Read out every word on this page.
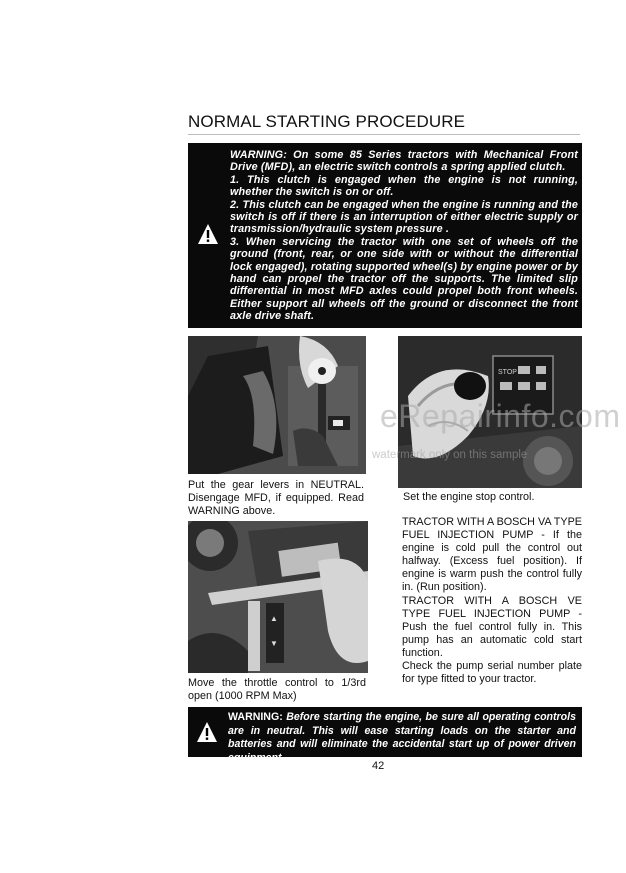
NORMAL STARTING PROCEDURE

WARNING: On some 85 Series tractors with Mechanical Front Drive (MFD), an electric switch controls a spring applied clutch.

1. This clutch is engaged when the engine is not running, whether the switch is on or off.

2. This clutch can be engaged when the engine is running and the switch is off if there is an interruption of either electric supply or transmission/hydraulic system pressure .

3. When servicing the tractor with one set of wheels off the ground (front, rear, or one side with or without the differential lock engaged), rotating supported wheel(s) by engine power or by hand can propel the tractor off the supports. The limited slip differential in most MFD axles could propel both front wheels. Either support all wheels off the ground or disconnect the front axle drive shaft.

STOP
eRepairinfo.com
watermark only on this sample
Put the gear levers in NEUTRAL. Disengage MFD, if equipped. Read WARNING above.
Set the engine stop control.
▲
▼
Move the throttle control to 1/3rd open (1000 RPM Max)

TRACTOR WITH A BOSCH VA TYPE FUEL INJECTION PUMP - If the engine is cold pull the control out halfway. (Excess fuel position). If engine is warm push the control fully in. (Run position).

TRACTOR WITH A BOSCH VE TYPE FUEL INJECTION PUMP - Push the fuel control fully in. This pump has an automatic cold start function.

Check the pump serial number plate for type fitted to your tractor.

WARNING: Before starting the engine, be sure all operating controls are in neutral. This will ease starting loads on the starter and batteries and will eliminate the accidental start up of power driven equipment.
42
